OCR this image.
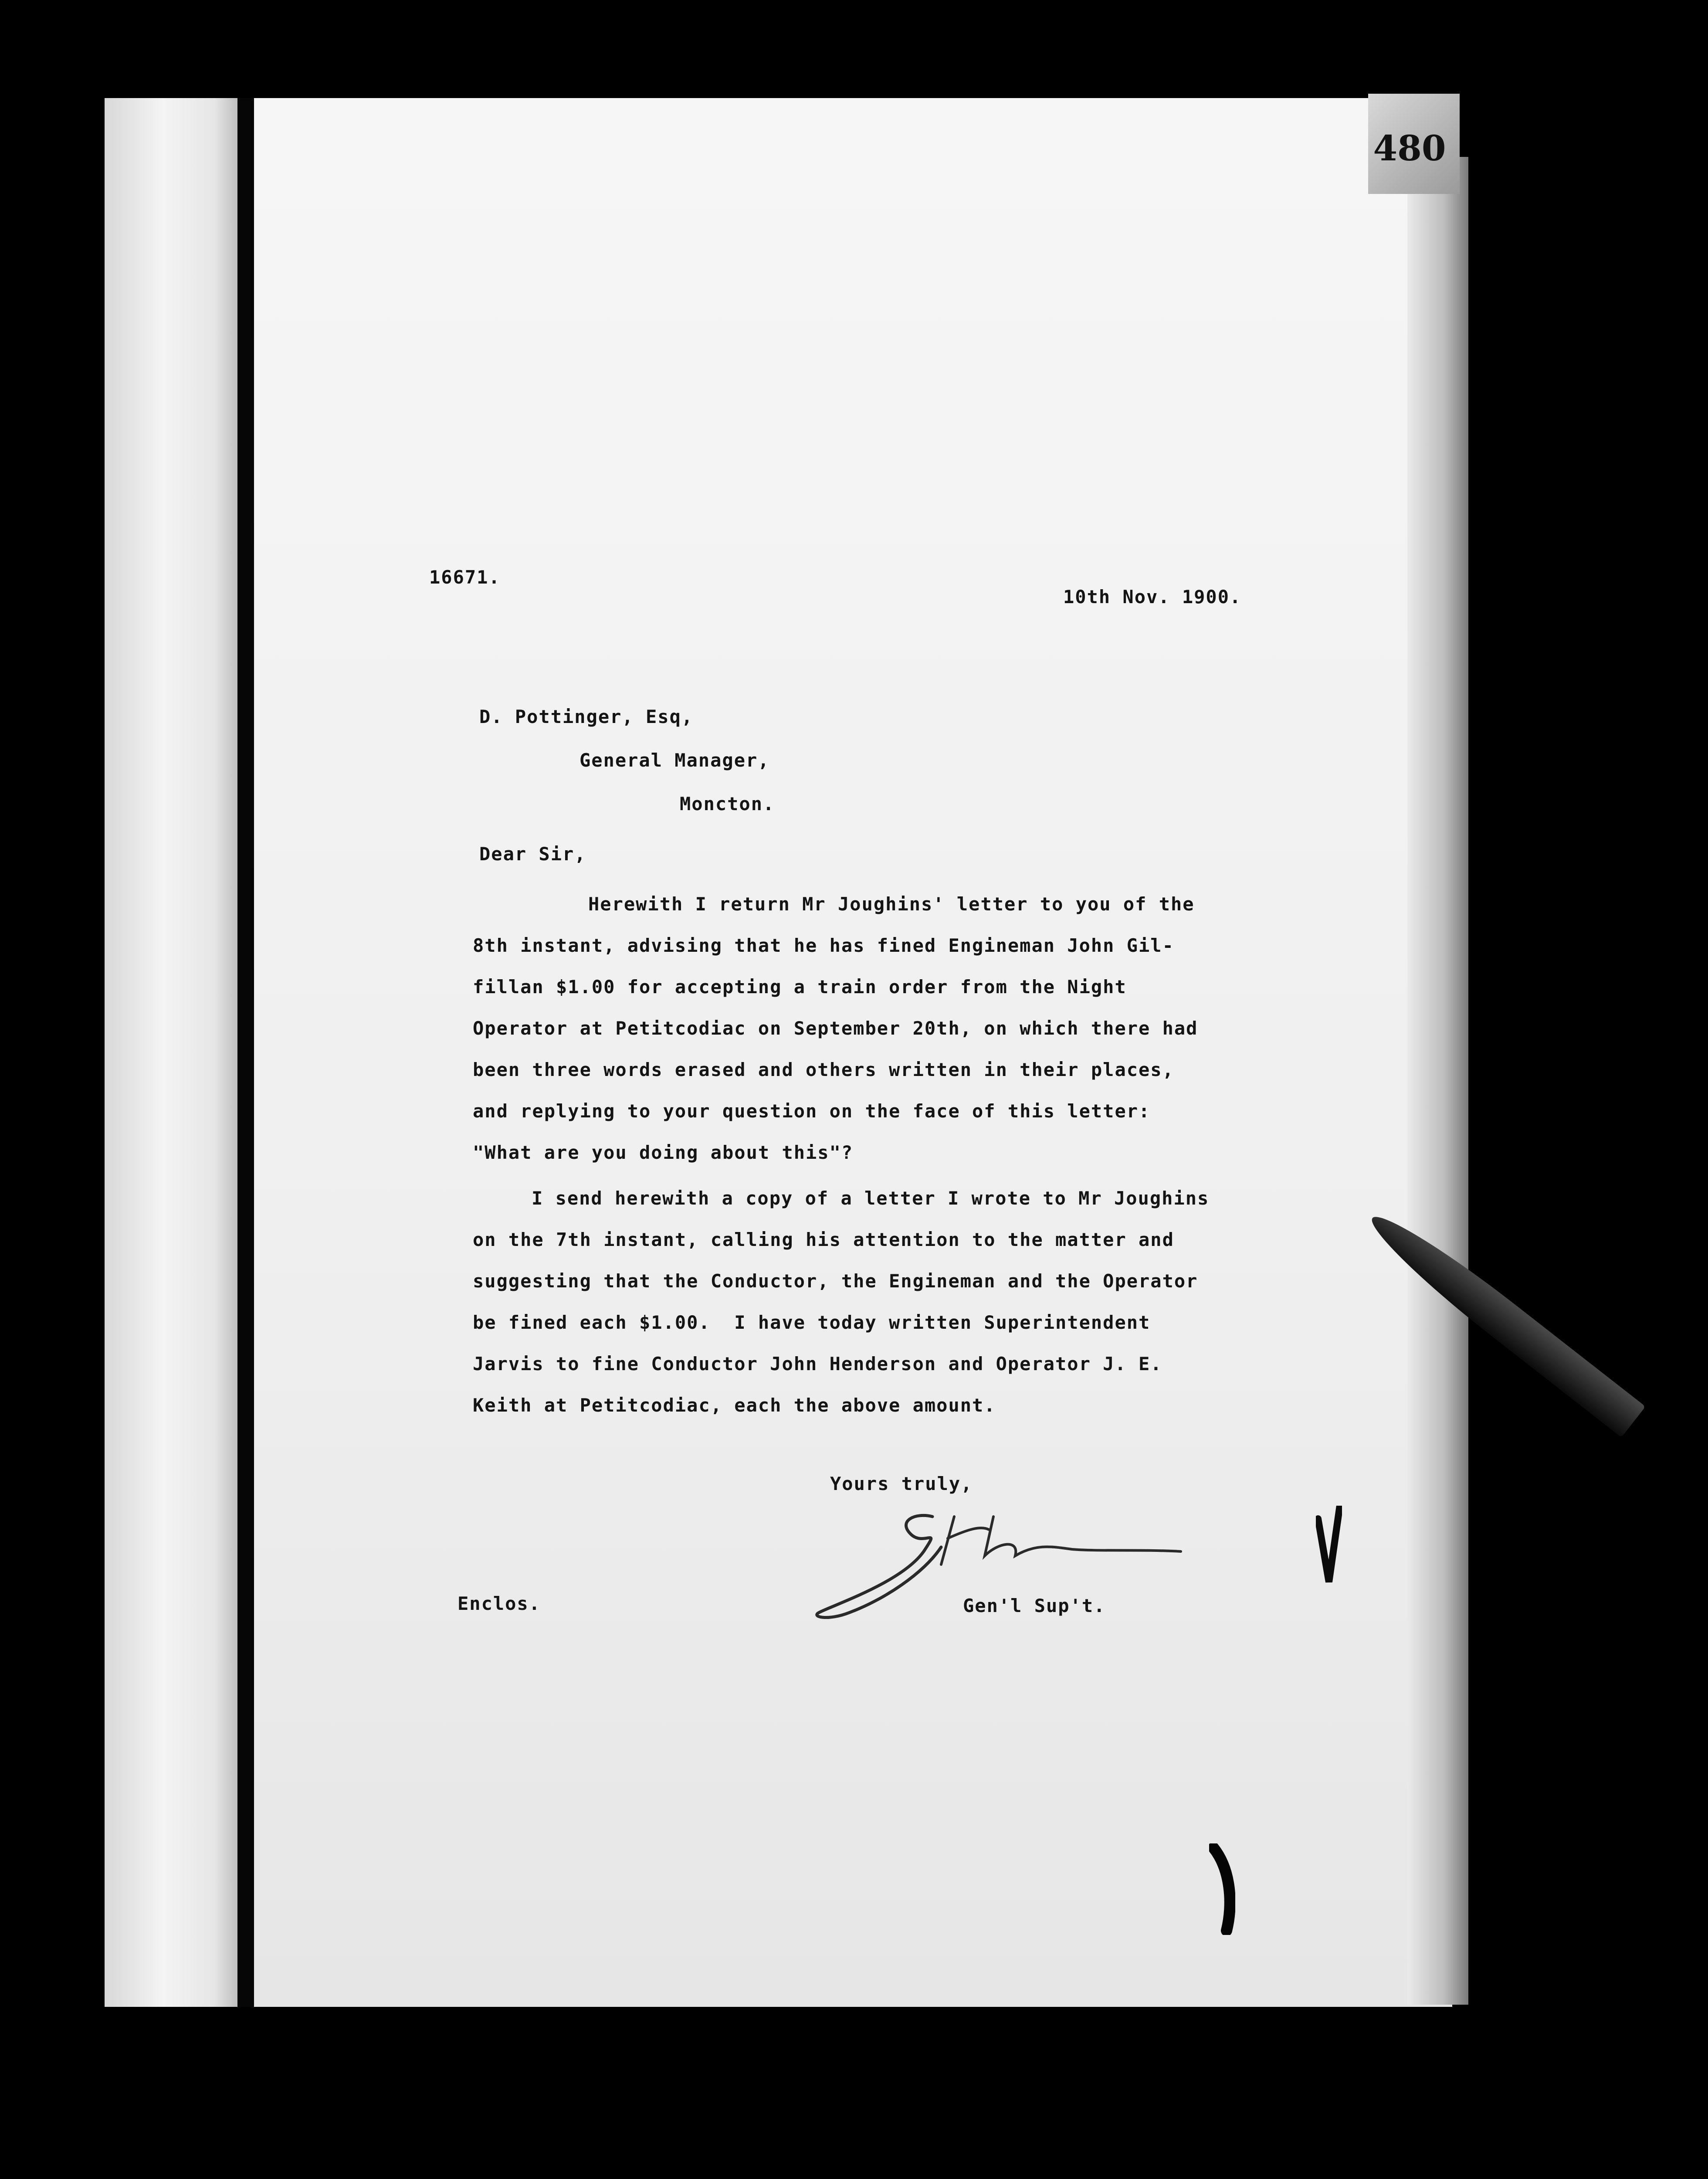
480
16671.
10th Nov. 1900.
D. Pottinger, Esq,
General Manager,
Moncton.
Dear Sir,
Herewith I return Mr Joughins' letter to you of the
8th instant, advising that he has fined Engineman John Gil-
fillan $1.00 for accepting a train order from the Night
Operator at Petitcodiac on September 20th, on which there had
been three words erased and others written in their places,
and replying to your question on the face of this letter:
"What are you doing about this"?
I send herewith a copy of a letter I wrote to Mr Joughins
on the 7th instant, calling his attention to the matter and
suggesting that the Conductor, the Engineman and the Operator
be fined each $1.00.  I have today written Superintendent
Jarvis to fine Conductor John Henderson and Operator J. E.
Keith at Petitcodiac, each the above amount.
Yours truly,
Gen'l Sup't.
Enclos.
